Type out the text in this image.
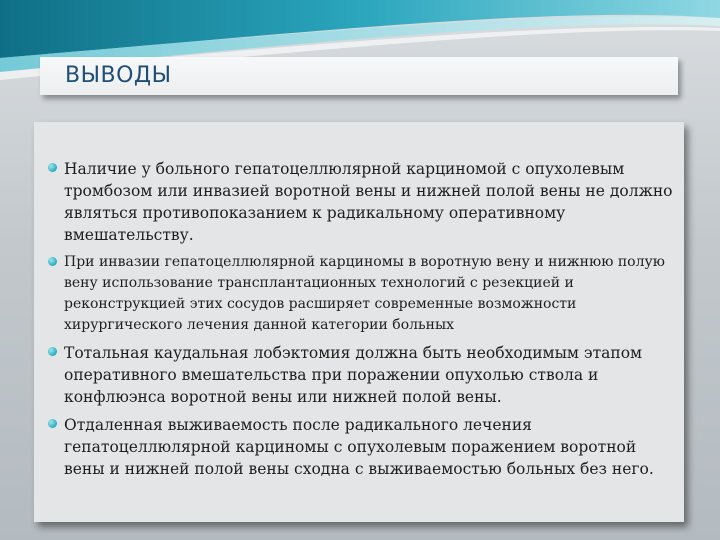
ВЫВОДЫ
Наличие у больного гепатоцеллюлярной карциномой с опухолевым тромбозом или инвазией воротной вены и нижней полой вены не должно являться противопоказанием к радикальному оперативному вмешательству.
При инвазии гепатоцеллюлярной карциномы в воротную вену и нижнюю полую вену использование трансплантационных технологий с резекцией и реконструкцией этих сосудов расширяет современные возможности хирургического лечения данной категории больных
Тотальная каудальная лобэктомия должна быть необходимым этапом оперативного вмешательства при поражении опухолью ствола и конфлюэнса воротной вены или нижней полой вены.
Отдаленная выживаемость после радикального лечения гепатоцеллюлярной карциномы с опухолевым поражением воротной вены и нижней полой вены сходна с выживаемостью больных без него.
